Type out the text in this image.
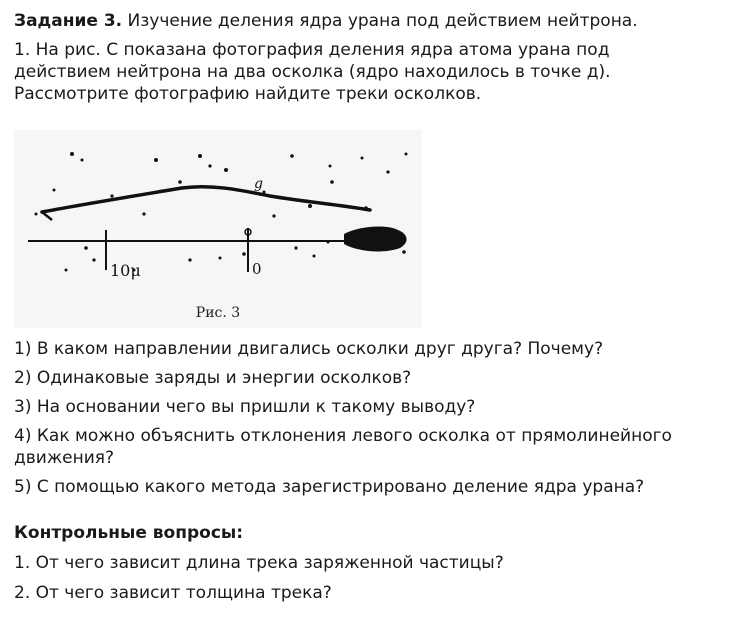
Задание 3. Изучение деления ядра урана под действием нейтрона.
1. На рис. С показана фотография деления ядра атома урана под
действием нейтрона на два осколка (ядро находилось в точке д).
Рассмотрите фотографию найдите треки осколков.
10μ	0
g
Рис. 3
1) В каком направлении двигались осколки друг друга? Почему?
2) Одинаковые заряды и энергии осколков?
3) На основании чего вы пришли к такому выводу?
4) Как можно объяснить отклонения левого осколка от прямолинейного
движения?
5) С помощью какого метода зарегистрировано деление ядра урана?
Контрольные вопросы:
1. От чего зависит длина трека заряженной частицы?
2. От чего зависит толщина трека?
